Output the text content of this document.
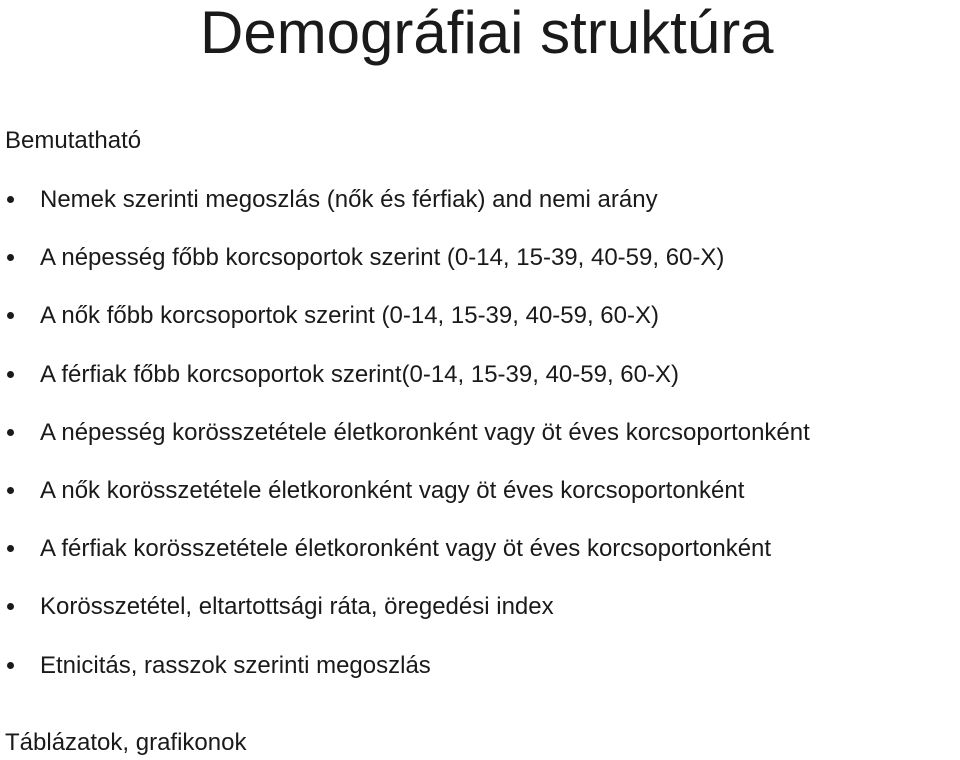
Demográfiai struktúra
Bemutatható
Nemek szerinti megoszlás (nők és férfiak) and nemi arány
A népesség főbb korcsoportok szerint (0-14, 15-39, 40-59, 60-X)
A nők főbb korcsoportok szerint (0-14, 15-39, 40-59, 60-X)
A férfiak főbb korcsoportok szerint(0-14, 15-39, 40-59, 60-X)
A népesség korösszetétele életkoronként vagy öt éves korcsoportonként
A nők korösszetétele életkoronként vagy öt éves korcsoportonként
A férfiak korösszetétele életkoronként vagy öt éves korcsoportonként
Korösszetétel, eltartottsági ráta, öregedési index
Etnicitás, rasszok szerinti megoszlás
Táblázatok, grafikonok
